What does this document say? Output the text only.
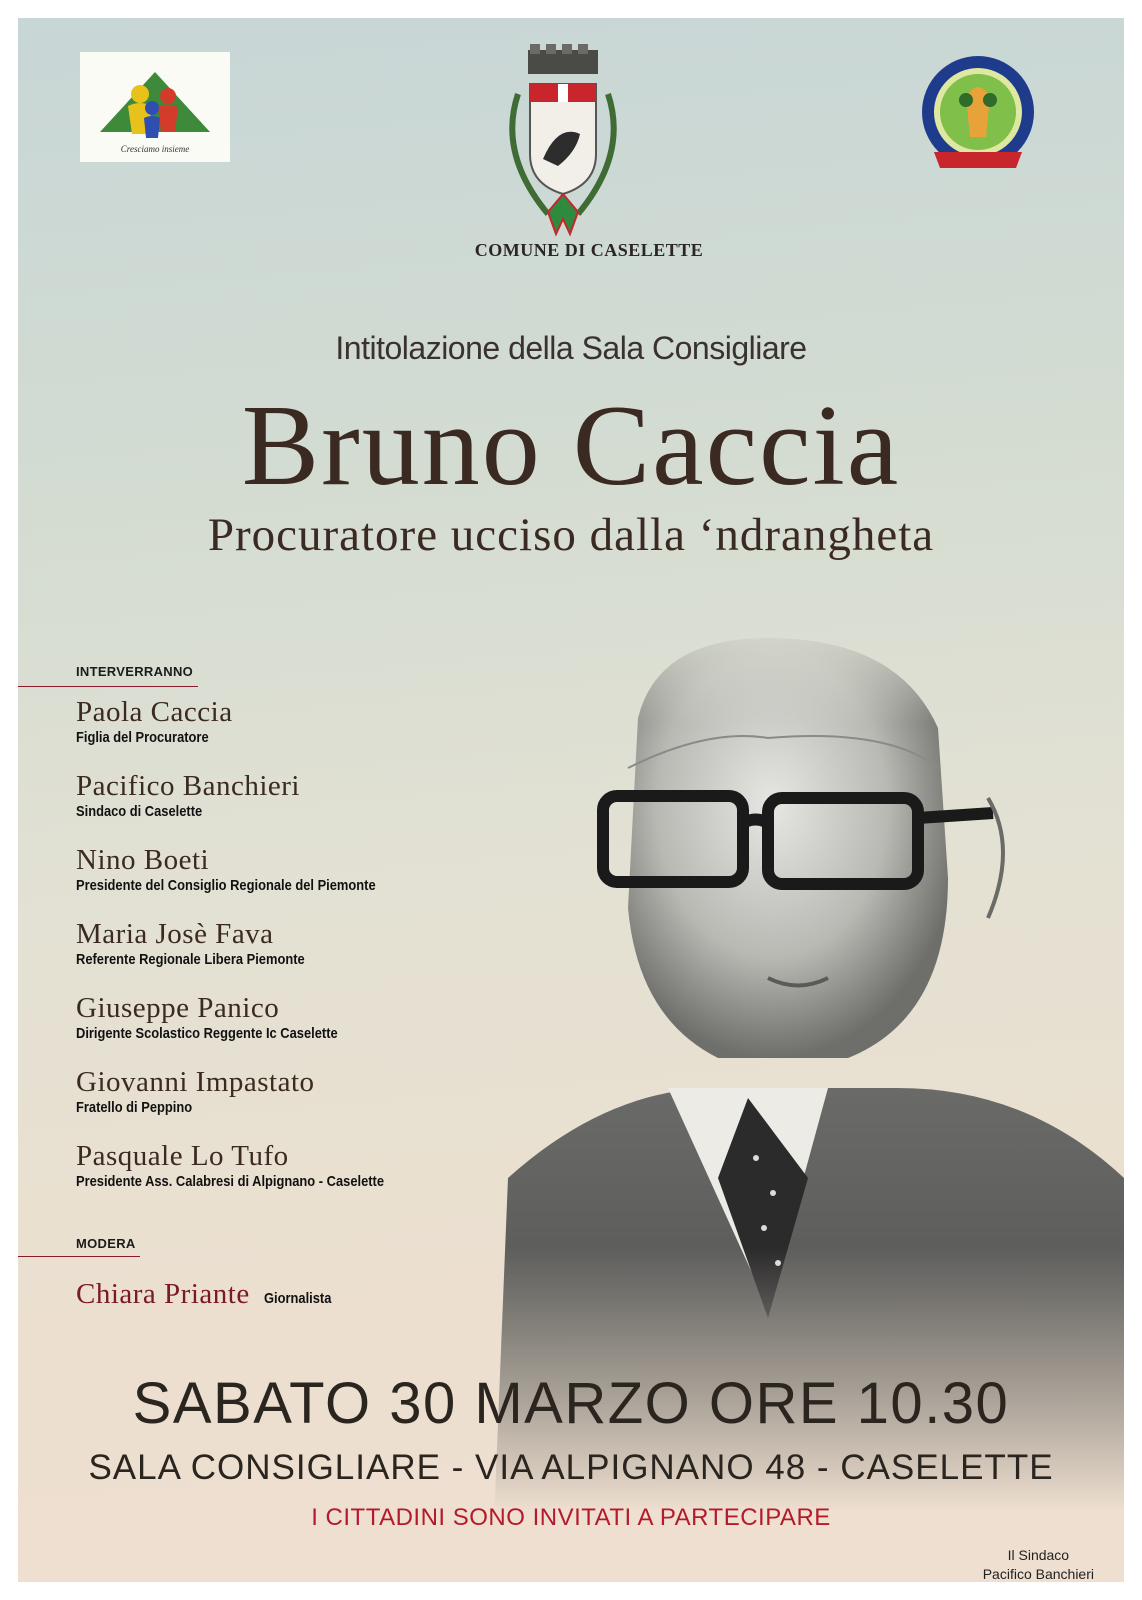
Cresciamo insieme
COMUNE DI CASELETTE
Intitolazione della Sala Consigliare
Bruno Caccia
Procuratore ucciso dalla ‘ndrangheta
INTERVERRANNO
Paola Caccia
Figlia del Procuratore
Pacifico Banchieri
Sindaco di Caselette
Nino Boeti
Presidente del Consiglio Regionale del Piemonte
Maria Josè Fava
Referente Regionale Libera Piemonte
Giuseppe Panico
Dirigente Scolastico Reggente Ic Caselette
Giovanni Impastato
Fratello di Peppino
Pasquale Lo Tufo
Presidente Ass. Calabresi di Alpignano - Caselette
MODERA
Chiara Priante Giornalista
SABATO 30 MARZO ORE 10.30
SALA CONSIGLIARE - VIA ALPIGNANO 48 - CASELETTE
I CITTADINI SONO INVITATI A PARTECIPARE
Il Sindaco
Pacifico Banchieri
